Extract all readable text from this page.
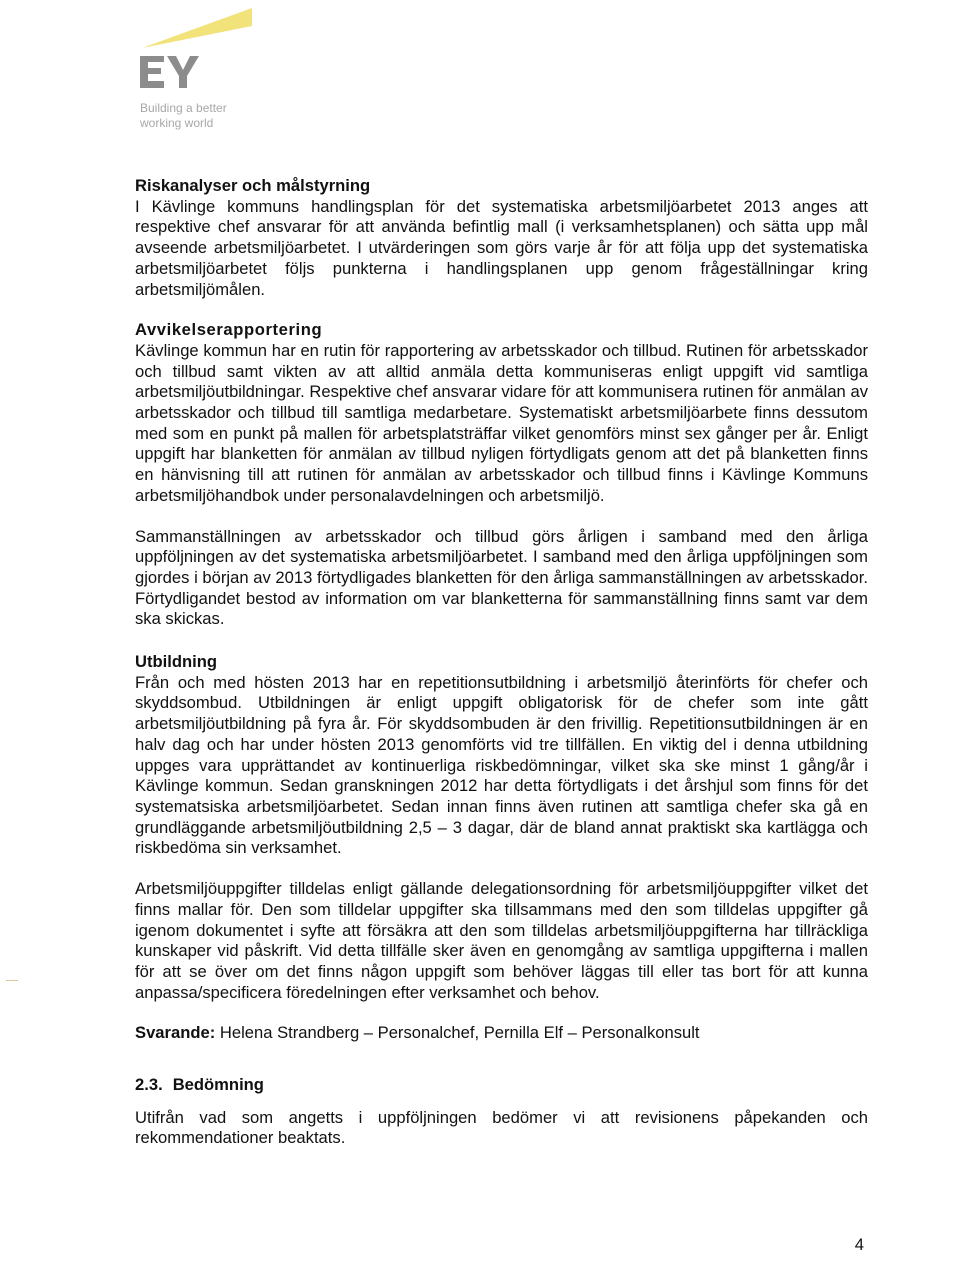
Building a better
working world

Riskanalyser och målstyrning

I Kävlinge kommuns handlingsplan för det systematiska arbetsmiljöarbetet 2013 anges att respektive chef ansvarar för att använda befintlig mall (i verksamhetsplanen) och sätta upp mål avseende arbetsmiljöarbetet. I utvärderingen som görs varje år för att följa upp det systematiska arbetsmiljöarbetet följs punkterna i handlingsplanen upp genom frågeställningar kring arbetsmiljömålen.

Avvikelserapportering

Kävlinge kommun har en rutin för rapportering av arbetsskador och tillbud. Rutinen för arbetsskador och tillbud samt vikten av att alltid anmäla detta kommuniseras enligt uppgift vid samtliga arbetsmiljöutbildningar. Respektive chef ansvarar vidare för att kommunisera rutinen för anmälan av arbetsskador och tillbud till samtliga medarbetare. Systematiskt arbetsmiljöarbete finns dessutom med som en punkt på mallen för arbetsplatsträffar vilket genomförs minst sex gånger per år. Enligt uppgift har blanketten för anmälan av tillbud nyligen förtydligats genom att det på blanketten finns en hänvisning till att rutinen för anmälan av arbetsskador och tillbud finns i Kävlinge Kommuns arbetsmiljöhandbok under personalavdelningen och arbetsmiljö.

Sammanställningen av arbetsskador och tillbud görs årligen i samband med den årliga uppföljningen av det systematiska arbetsmiljöarbetet. I samband med den årliga uppföljningen som gjordes i början av 2013 förtydligades blanketten för den årliga sammanställningen av arbetsskador. Förtydligandet bestod av information om var blanketterna för sammanställning finns samt var dem ska skickas.

Utbildning

Från och med hösten 2013 har en repetitionsutbildning i arbetsmiljö återinförts för chefer och skyddsombud. Utbildningen är enligt uppgift obligatorisk för de chefer som inte gått arbetsmiljöutbildning på fyra år. För skyddsombuden är den frivillig. Repetitionsutbildningen är en halv dag och har under hösten 2013 genomförts vid tre tillfällen. En viktig del i denna utbildning uppges vara upprättandet av kontinuerliga riskbedömningar, vilket ska ske minst 1 gång/år i Kävlinge kommun. Sedan granskningen 2012 har detta förtydligats i det årshjul som finns för det systematsiska arbetsmiljöarbetet. Sedan innan finns även rutinen att samtliga chefer ska gå en grundläggande arbetsmiljöutbildning 2,5 – 3 dagar, där de bland annat praktiskt ska kartlägga och riskbedöma sin verksamhet.

Arbetsmiljöuppgifter tilldelas enligt gällande delegationsordning för arbetsmiljöuppgifter vilket det finns mallar för. Den som tilldelar uppgifter ska tillsammans med den som tilldelas uppgifter gå igenom dokumentet i syfte att försäkra att den som tilldelas arbetsmiljöuppgifterna har tillräckliga kunskaper vid påskrift. Vid detta tillfälle sker även en genomgång av samtliga uppgifterna i mallen för att se över om det finns någon uppgift som behöver läggas till eller tas bort för att kunna anpassa/specificera föredelningen efter verksamhet och behov.

Svarande: Helena Strandberg – Personalchef, Pernilla Elf – Personalkonsult

2.3. Bedömning

Utifrån vad som angetts i uppföljningen bedömer vi att revisionens påpekanden och rekommendationer beaktats.

4
